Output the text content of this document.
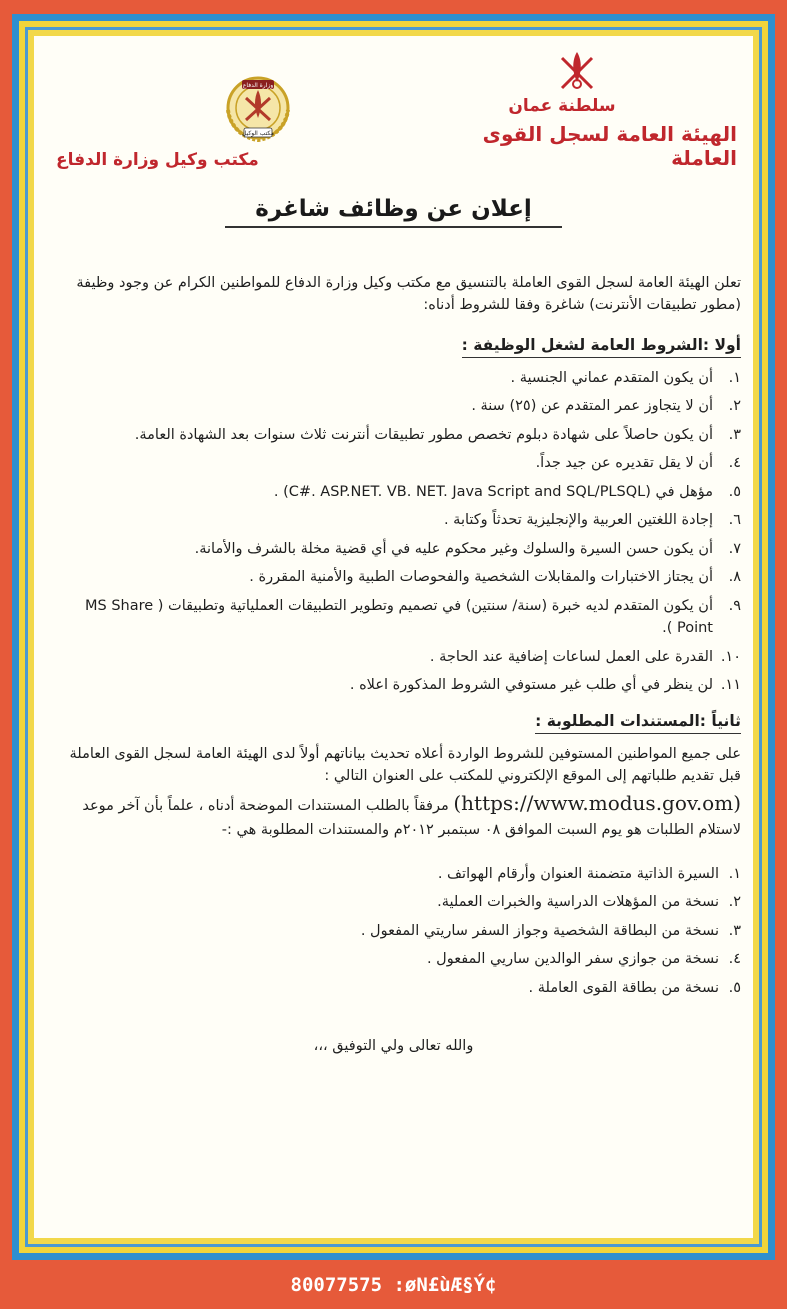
سلطنة عمان
الهيئة العامة لسجل القوى العاملة
وزارة الدفاع
مكتب الوكيل
مكتب وكيل وزارة الدفاع
إعلان عن وظائف شاغرة

تعلن الهيئة العامة لسجل القوى العاملة بالتنسيق مع مكتب وكيل وزارة الدفاع للمواطنين الكرام عن وجود وظيفة (مطور تطبيقات الأنترنت) شاغرة وفقا للشروط أدناه:

أولا :الشروط العامة لشغل الوظيفة :
١.
أن يكون المتقدم عماني الجنسية .
٢.
أن لا يتجاوز عمر المتقدم عن (٢٥) سنة .
٣.
أن يكون حاصلاً على شهادة دبلوم تخصص مطور تطبيقات أنترنت ثلاث سنوات بعد الشهادة العامة.
٤.
أن لا يقل تقديره عن جيد جداً.
٥.
مؤهل في (C#. ASP.NET. VB. NET. Java Script and SQL/PLSQL) .
٦.
إجادة اللغتين العربية والإنجليزية تحدثاً وكتابة .
٧.
أن يكون حسن السيرة والسلوك وغير محكوم عليه في أي قضية مخلة بالشرف والأمانة.
٨.
أن يجتاز الاختبارات والمقابلات الشخصية والفحوصات الطبية والأمنية المقررة .
٩.
أن يكون المتقدم لديه خبرة (سنة/ سنتين) في تصميم وتطوير التطبيقات العملياتية وتطبيقات ( MS Share Point ).
١٠.
القدرة على العمل لساعات إضافية عند الحاجة .
١١.
لن ينظر في أي طلب غير مستوفي الشروط المذكورة اعلاه .
ثانياً :المستندات المطلوبة :

على جميع المواطنين المستوفين للشروط الواردة أعلاه تحديث بياناتهم أولاً لدى الهيئة العامة لسجل القوى العاملة قبل تقديم طلباتهم إلى الموقع الإلكتروني للمكتب على العنوان التالي : (https://www.modus.gov.om) مرفقاً بالطلب المستندات الموضحة أدناه ، علماً بأن آخر موعد لاستلام الطلبات هو يوم السبت الموافق ٠٨ سبتمبر ٢٠١٢م والمستندات المطلوبة هي :-

١.
السيرة الذاتية متضمنة العنوان وأرقام الهواتف .
٢.
نسخة من المؤهلات الدراسية والخبرات العملية.
٣.
نسخة من البطاقة الشخصية وجواز السفر ساريتي المفعول .
٤.
نسخة من جوازي سفر الوالدين ساريي المفعول .
٥.
نسخة من بطاقة القوى العاملة .

والله تعالى ولي التوفيق ،،،

80077575 :øN£ùÆ§Ý¢
